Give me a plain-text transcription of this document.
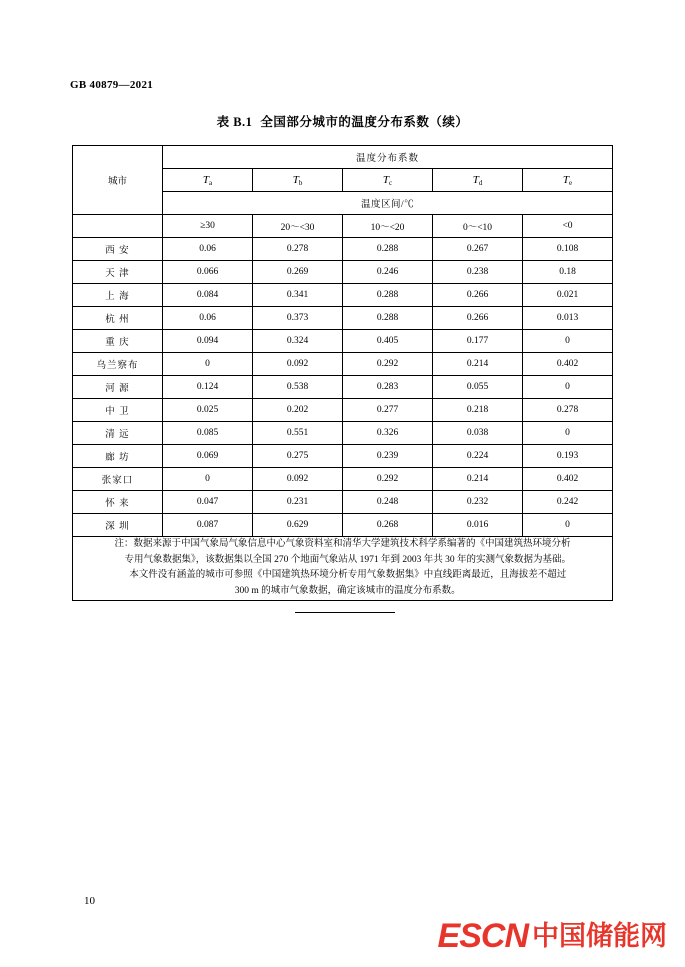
GB 40879—2021
表 B.1 全国部分城市的温度分布系数（续）
城市	温度分布系数				
	$T_a$	$T_b$	$T_c$	$T_d$	$T_e$
	温度区间/℃				
	≥30	20～<30	10～<20	0～<10	<0
西 安	0.06	0.278	0.288	0.267	0.108
天 津	0.066	0.269	0.246	0.238	0.18
上 海	0.084	0.341	0.288	0.266	0.021
杭 州	0.06	0.373	0.288	0.266	0.013
重 庆	0.094	0.324	0.405	0.177	0
乌兰察布	0	0.092	0.292	0.214	0.402
河 源	0.124	0.538	0.283	0.055	0
中 卫	0.025	0.202	0.277	0.218	0.278
清 远	0.085	0.551	0.326	0.038	0
廊 坊	0.069	0.275	0.239	0.224	0.193
张家口	0	0.092	0.292	0.214	0.402
怀 来	0.047	0.231	0.248	0.232	0.242
深 圳	0.087	0.629	0.268	0.016	0

注：数据来源于中国气象局气象信息中心气象资料室和清华大学建筑技术科学系编著的《中国建筑热环境分析

专用气象数据集》，该数据集以全国 270 个地面气象站从 1971 年到 2003 年共 30 年的实测气象数据为基础。

本文件没有涵盖的城市可参照《中国建筑热环境分析专用气象数据集》中直线距离最近，且海拔差不超过

300 m 的城市气象数据，确定该城市的温度分布系数。					

10
ESCN 中国储能网
